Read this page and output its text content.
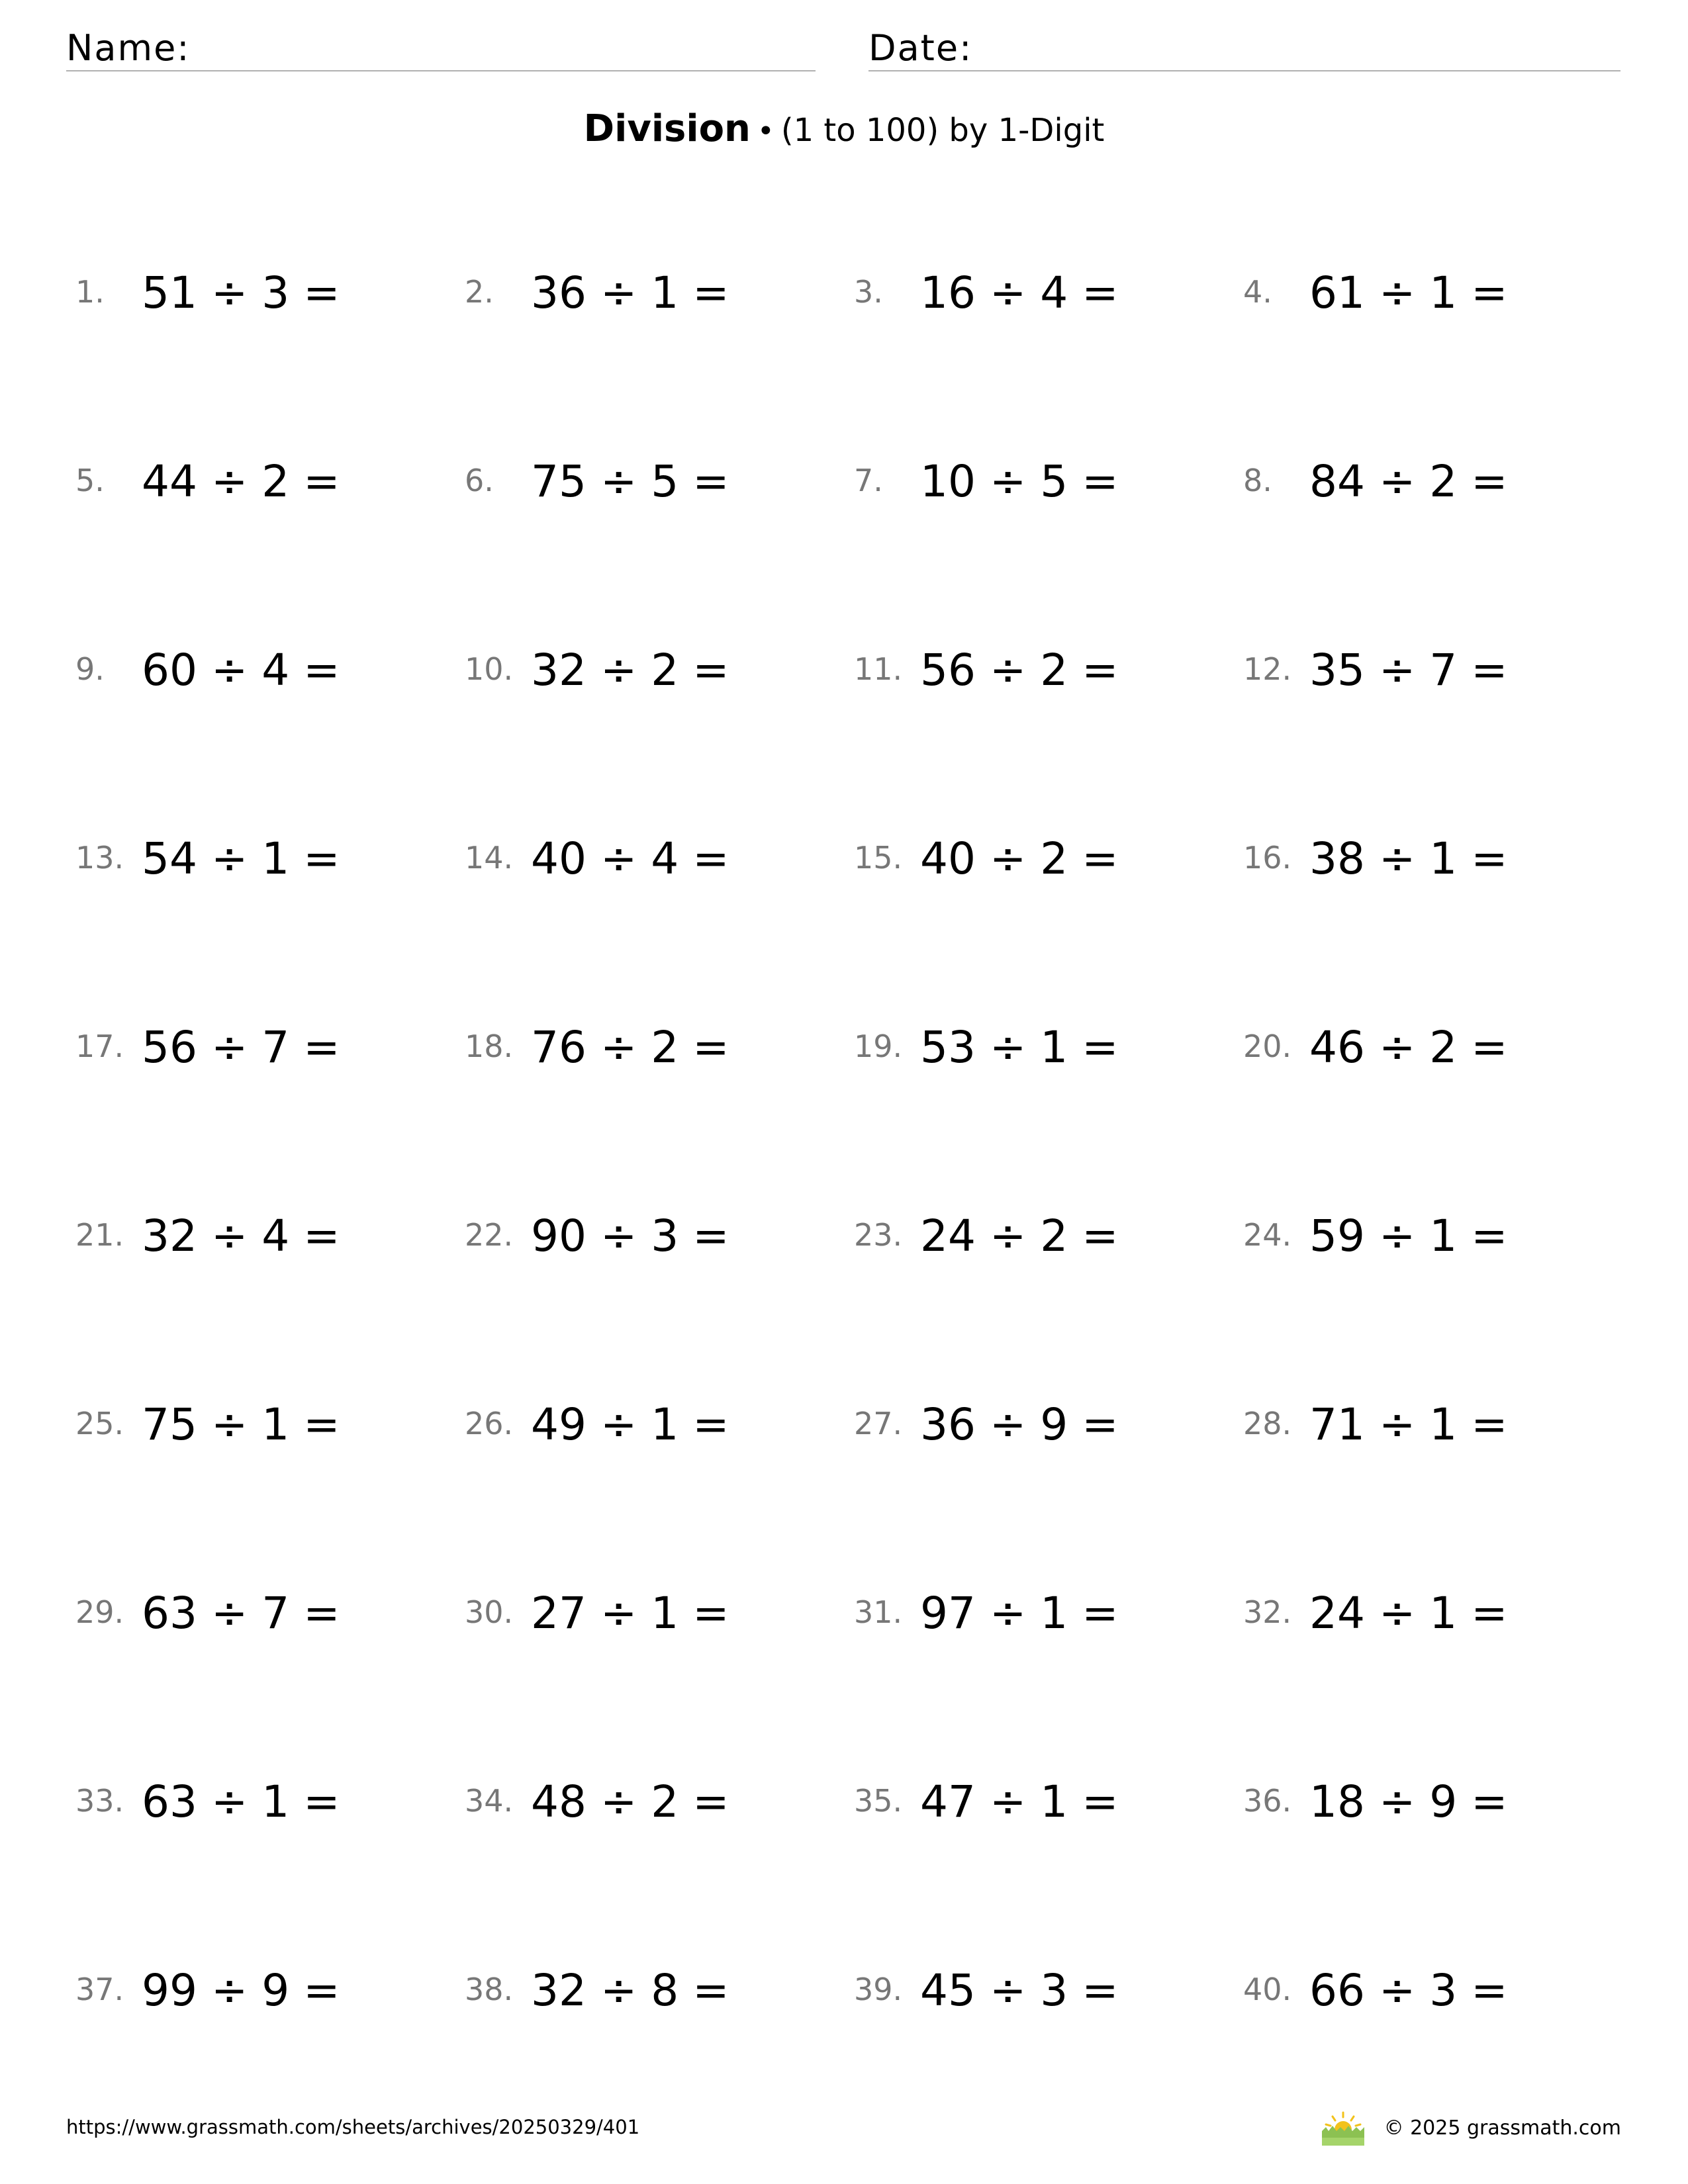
Name:	Date:
Division • (1 to 100) by 1-Digit
1. 51 ÷ 3 =	2. 36 ÷ 1 =	3. 16 ÷ 4 =	4. 61 ÷ 1 =
5. 44 ÷ 2 =	6. 75 ÷ 5 =	7. 10 ÷ 5 =	8. 84 ÷ 2 =
9. 60 ÷ 4 =	10. 32 ÷ 2 =	11. 56 ÷ 2 =	12. 35 ÷ 7 =
13. 54 ÷ 1 =	14. 40 ÷ 4 =	15. 40 ÷ 2 =	16. 38 ÷ 1 =
17. 56 ÷ 7 =	18. 76 ÷ 2 =	19. 53 ÷ 1 =	20. 46 ÷ 2 =
21. 32 ÷ 4 =	22. 90 ÷ 3 =	23. 24 ÷ 2 =	24. 59 ÷ 1 =
25. 75 ÷ 1 =	26. 49 ÷ 1 =	27. 36 ÷ 9 =	28. 71 ÷ 1 =
29. 63 ÷ 7 =	30. 27 ÷ 1 =	31. 97 ÷ 1 =	32. 24 ÷ 1 =
33. 63 ÷ 1 =	34. 48 ÷ 2 =	35. 47 ÷ 1 =	36. 18 ÷ 9 =
37. 99 ÷ 9 =	38. 32 ÷ 8 =	39. 45 ÷ 3 =	40. 66 ÷ 3 =
https://www.grassmath.com/sheets/archives/20250329/401	© 2025 grassmath.com
